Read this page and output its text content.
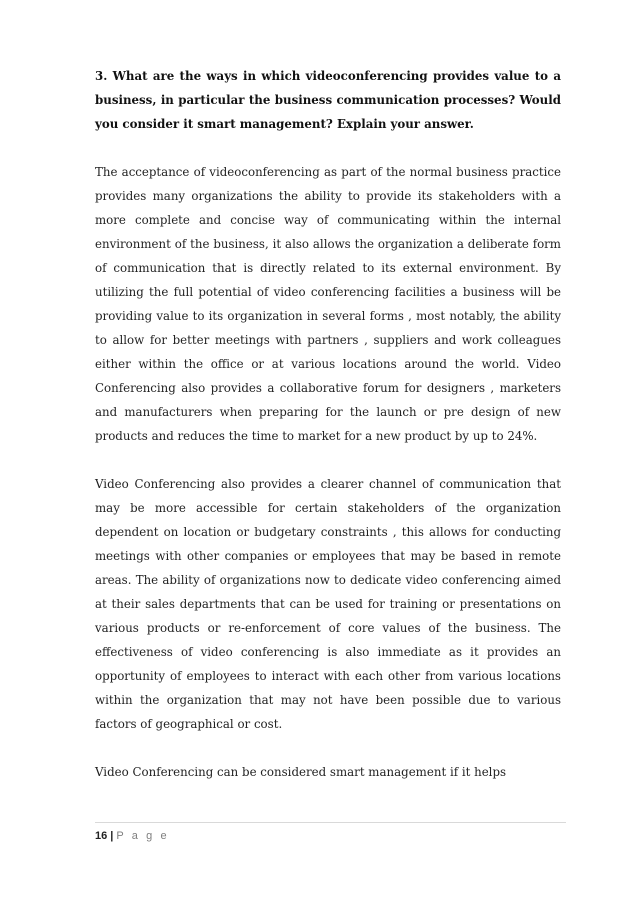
3. What are the ways in which videoconferencing provides value to a business, in particular the business communication processes? Would you consider it smart management? Explain your answer.

The acceptance of videoconferencing as part of the normal business practice provides many organizations the ability to provide its stakeholders with a more complete and concise way of communicating within the internal environment of the business, it also allows the organization a deliberate form of communication that is directly related to its external environment. By utilizing the full potential of video conferencing facilities a business will be providing value to its organization in several forms , most notably, the ability to allow for better meetings with partners , suppliers and work colleagues either within the office or at various locations around the world. Video Conferencing also provides a collaborative forum for designers , marketers and manufacturers when preparing for the launch or pre design of new products and reduces the time to market for a new product by up to 24%.

Video Conferencing also provides a clearer channel of communication that may be more accessible for certain stakeholders of the organization dependent on location or budgetary constraints , this allows for conducting meetings with other companies or employees that may be based in remote areas. The ability of organizations now to dedicate video conferencing aimed at their sales departments that can be used for training or presentations on various products or re-enforcement of core values of the business. The effectiveness of video conferencing is also immediate as it provides an opportunity of employees to interact with each other from various locations within the organization that may not have been possible due to various factors of geographical or cost.

Video Conferencing can be considered smart management if it helps

16 | P a g e
